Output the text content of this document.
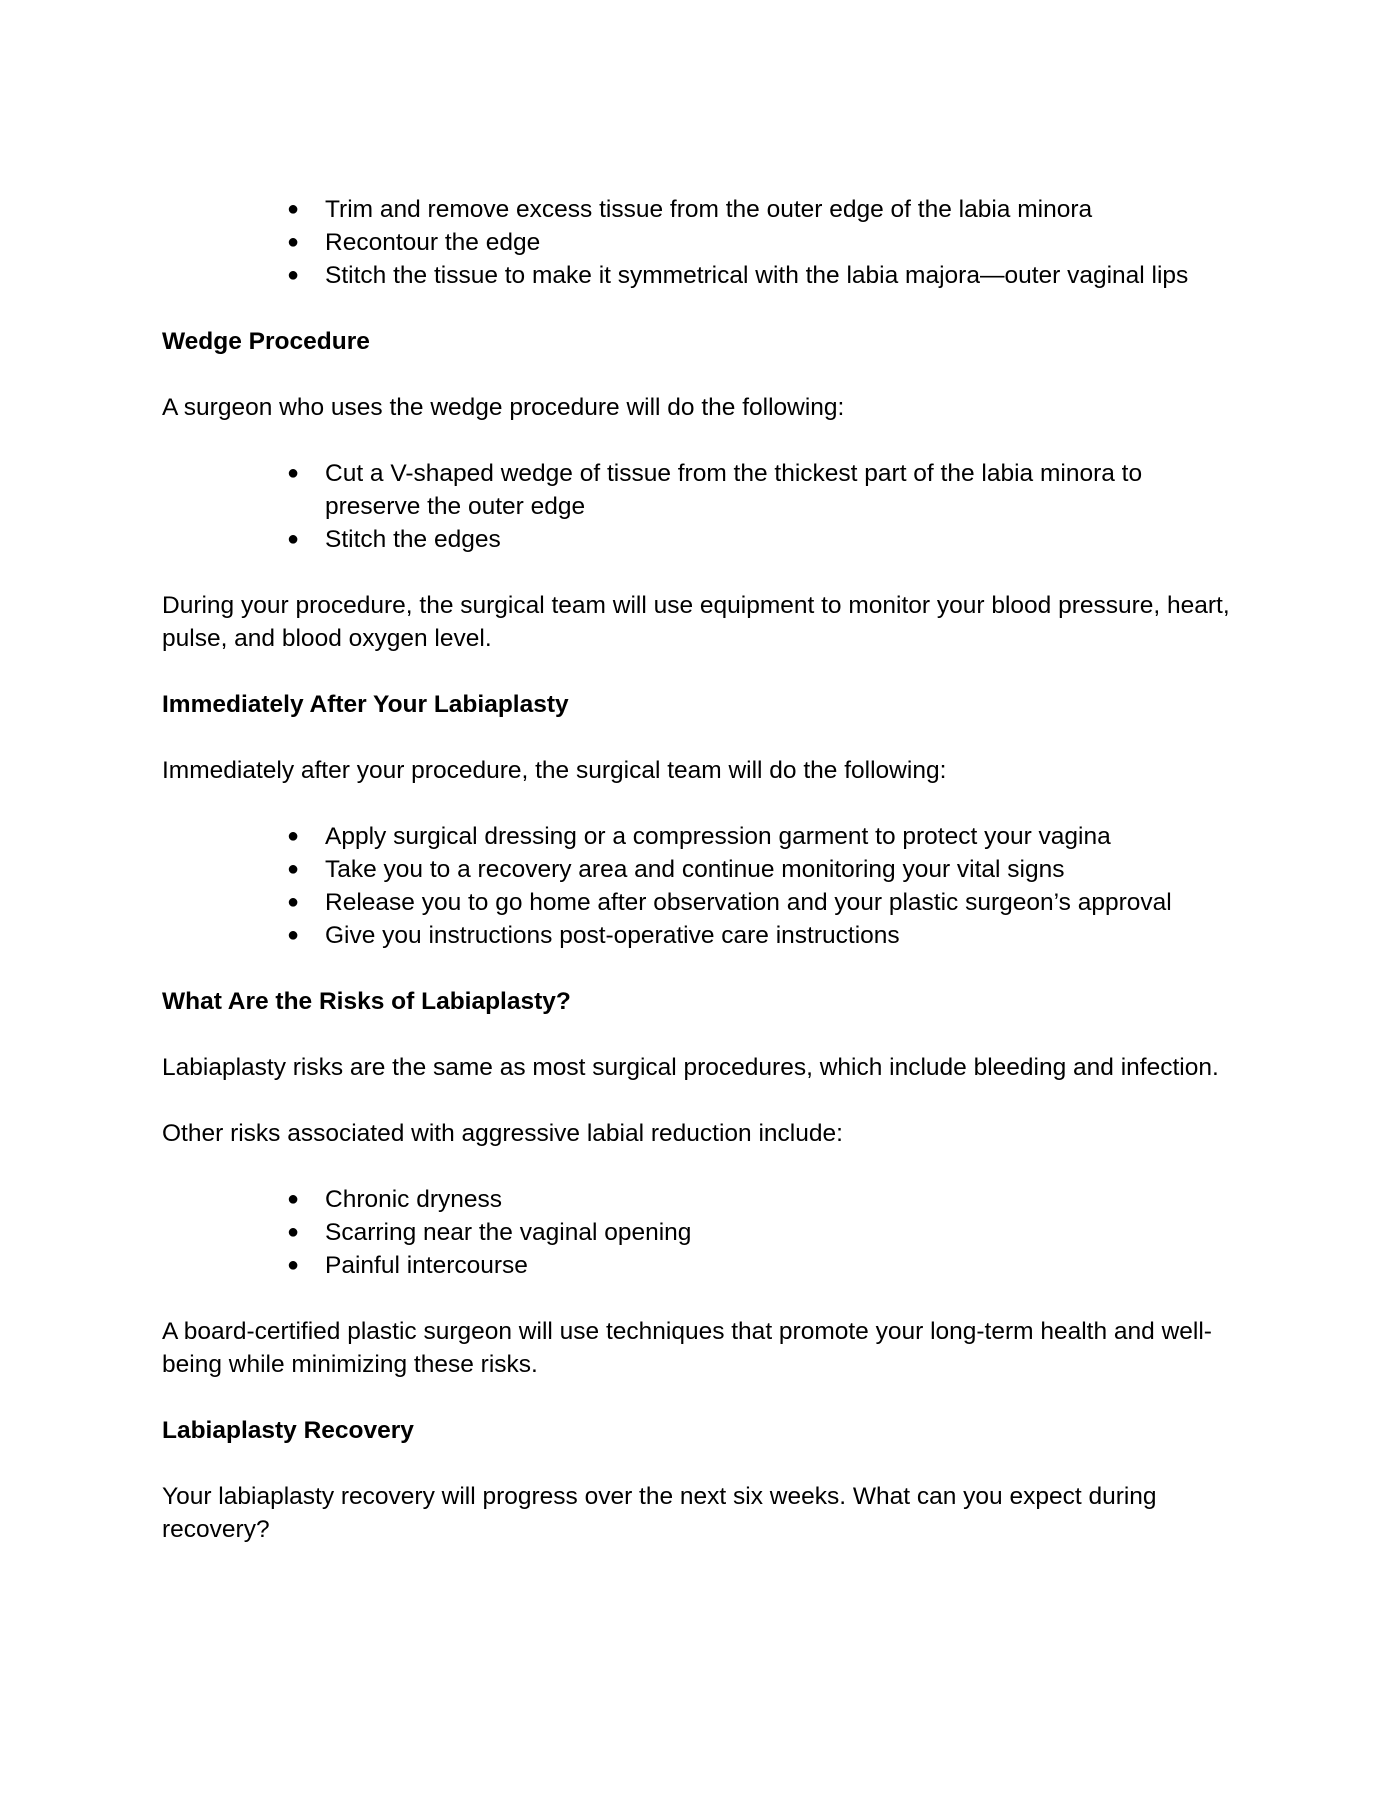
● Trim and remove excess tissue from the outer edge of the labia minora
● Recontour the edge
● Stitch the tissue to make it symmetrical with the labia majora—outer vaginal lips
Wedge Procedure

A surgeon who uses the wedge procedure will do the following:

● Cut a V-shaped wedge of tissue from the thickest part of the labia minora to preserve the outer edge
● Stitch the edges

During your procedure, the surgical team will use equipment to monitor your blood pressure, heart, pulse, and blood oxygen level.

Immediately After Your Labiaplasty

Immediately after your procedure, the surgical team will do the following:

● Apply surgical dressing or a compression garment to protect your vagina
● Take you to a recovery area and continue monitoring your vital signs
● Release you to go home after observation and your plastic surgeon’s approval
● Give you instructions post-operative care instructions
What Are the Risks of Labiaplasty?

Labiaplasty risks are the same as most surgical procedures, which include bleeding and infection.

Other risks associated with aggressive labial reduction include:

● Chronic dryness
● Scarring near the vaginal opening
● Painful intercourse

A board-certified plastic surgeon will use techniques that promote your long-term health and well-being while minimizing these risks.

Labiaplasty Recovery

Your labiaplasty recovery will progress over the next six weeks. What can you expect during recovery?
